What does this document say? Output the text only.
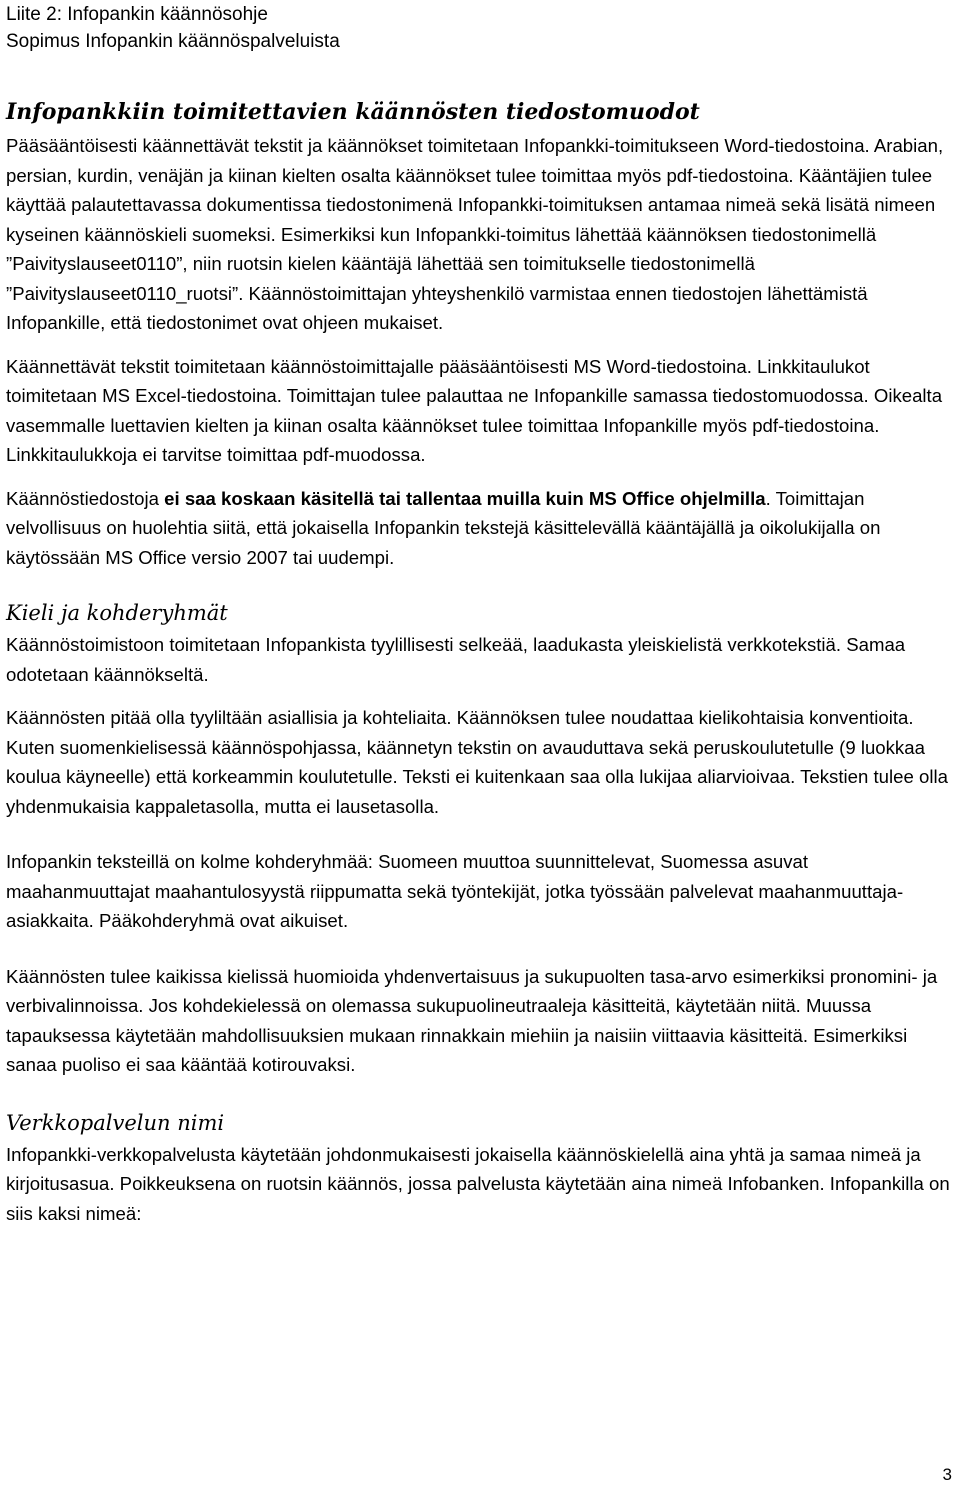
Liite 2: Infopankin käännösohje
Sopimus Infopankin käännöspalveluista
Infopankkiin toimitettavien käännösten tiedostomuodot

Pääsääntöisesti käännettävät tekstit ja käännökset toimitetaan Infopankki-toimitukseen Word-tiedostoina. Arabian, persian, kurdin, venäjän ja kiinan kielten osalta käännökset tulee toimittaa myös pdf-tiedostoina. Kääntäjien tulee käyttää palautettavassa dokumentissa tiedostonimenä Infopankki-toimituksen antamaa nimeä sekä lisätä nimeen kyseinen käännöskieli suomeksi. Esimerkiksi kun Infopankki-toimitus lähettää käännöksen tiedostonimellä ”Paivityslauseet0110”, niin ruotsin kielen kääntäjä lähettää sen toimitukselle tiedostonimellä ”Paivityslauseet0110_ruotsi”. Käännöstoimittajan yhteyshenkilö varmistaa ennen tiedostojen lähettämistä Infopankille, että tiedostonimet ovat ohjeen mukaiset.

Käännettävät tekstit toimitetaan käännöstoimittajalle pääsääntöisesti MS Word-tiedostoina. Linkkitaulukot toimitetaan MS Excel-tiedostoina. Toimittajan tulee palauttaa ne Infopankille samassa tiedostomuodossa. Oikealta vasemmalle luettavien kielten ja kiinan osalta käännökset tulee toimittaa Infopankille myös pdf-tiedostoina. Linkkitaulukkoja ei tarvitse toimittaa pdf-muodossa.

Käännöstiedostoja ei saa koskaan käsitellä tai tallentaa muilla kuin MS Office ohjelmilla. Toimittajan velvollisuus on huolehtia siitä, että jokaisella Infopankin tekstejä käsittelevällä kääntäjällä ja oikolukijalla on käytössään MS Office versio 2007 tai uudempi.

Kieli ja kohderyhmät

Käännöstoimistoon toimitetaan Infopankista tyylillisesti selkeää, laadukasta yleiskielistä verkkotekstiä. Samaa odotetaan käännökseltä.

Käännösten pitää olla tyyliltään asiallisia ja kohteliaita. Käännöksen tulee noudattaa kielikohtaisia konventioita. Kuten suomenkielisessä käännöspohjassa, käännetyn tekstin on avauduttava sekä peruskoulutetulle (9 luokkaa koulua käyneelle) että korkeammin koulutetulle. Teksti ei kuitenkaan saa olla lukijaa aliarvioivaa. Tekstien tulee olla yhdenmukaisia kappaletasolla, mutta ei lausetasolla.

Infopankin teksteillä on kolme kohderyhmää: Suomeen muuttoa suunnittelevat, Suomessa asuvat maahanmuuttajat maahantulosyystä riippumatta sekä työntekijät, jotka työssään palvelevat maahanmuuttaja-asiakkaita. Pääkohderyhmä ovat aikuiset.

Käännösten tulee kaikissa kielissä huomioida yhdenvertaisuus ja sukupuolten tasa-arvo esimerkiksi pronomini- ja verbivalinnoissa. Jos kohdekielessä on olemassa sukupuolineutraaleja käsitteitä, käytetään niitä. Muussa tapauksessa käytetään mahdollisuuksien mukaan rinnakkain miehiin ja naisiin viittaavia käsitteitä. Esimerkiksi sanaa puoliso ei saa kääntää kotirouvaksi.

Verkkopalvelun nimi

Infopankki-verkkopalvelusta käytetään johdonmukaisesti jokaisella käännöskielellä aina yhtä ja samaa nimeä ja kirjoitusasua. Poikkeuksena on ruotsin käännös, jossa palvelusta käytetään aina nimeä Infobanken. Infopankilla on siis kaksi nimeä:

3
